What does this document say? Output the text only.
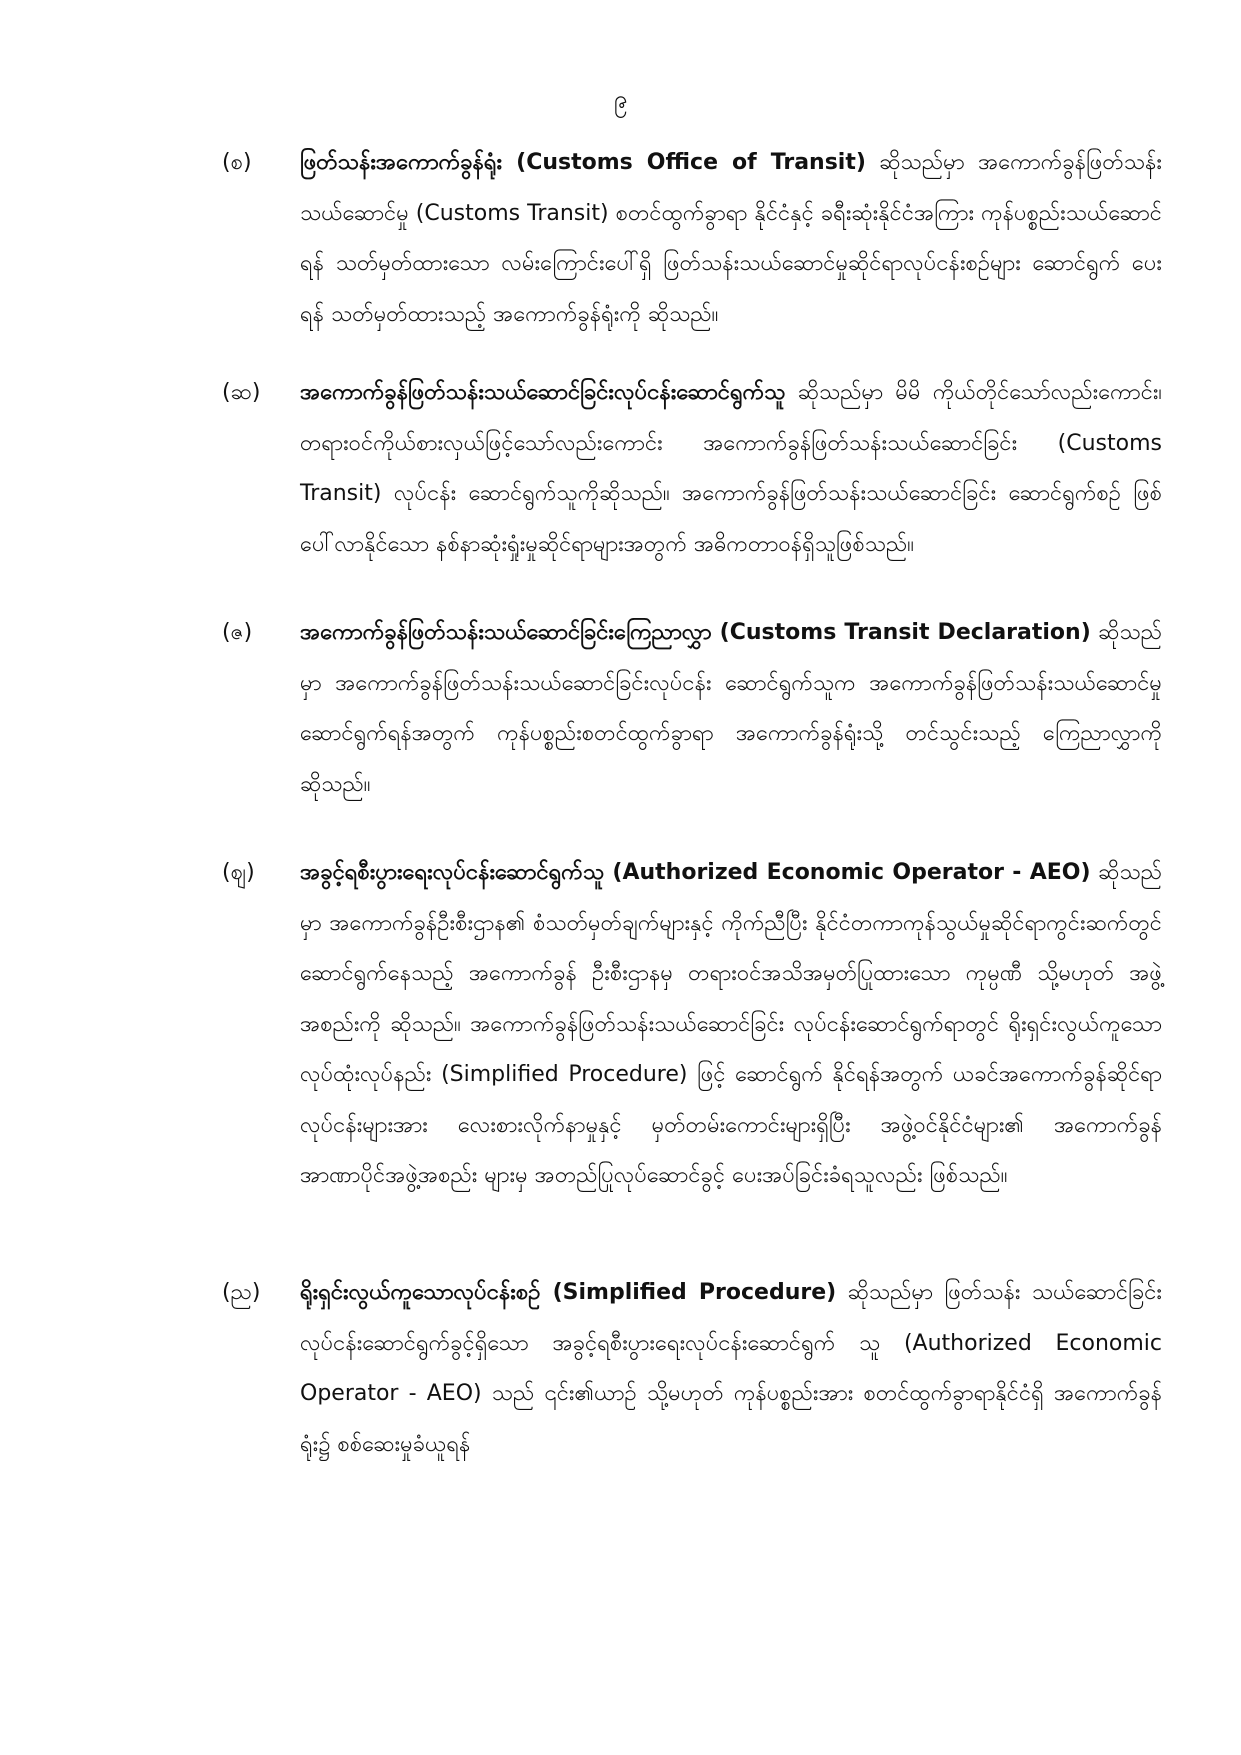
၉
(စ)	ဖြတ်သန်းအကောက်ခွန်ရုံး (Customs Office of Transit) ဆိုသည်မှာ အကောက်ခွန်ဖြတ်သန်းသယ်ဆောင်မှု (Customs Transit) စတင်ထွက်ခွာရာ နိုင်ငံနှင့် ခရီးဆုံးနိုင်ငံအကြား ကုန်ပစ္စည်းသယ်ဆောင်ရန် သတ်မှတ်ထားသော လမ်းကြောင်းပေါ်ရှိ ဖြတ်သန်းသယ်ဆောင်မှုဆိုင်ရာလုပ်ငန်းစဉ်များ ဆောင်ရွက် ပေးရန် သတ်မှတ်ထားသည့် အကောက်ခွန်ရုံးကို ဆိုသည်။
(ဆ)	အကောက်ခွန်ဖြတ်သန်းသယ်ဆောင်ခြင်းလုပ်ငန်းဆောင်ရွက်သူ ဆိုသည်မှာ မိမိ ကိုယ်တိုင်သော်လည်းကောင်း၊ တရားဝင်ကိုယ်စားလှယ်ဖြင့်သော်လည်းကောင်း အကောက်ခွန်ဖြတ်သန်းသယ်ဆောင်ခြင်း (Customs Transit) လုပ်ငန်း ဆောင်ရွက်သူကိုဆိုသည်။ အကောက်ခွန်ဖြတ်သန်းသယ်ဆောင်ခြင်း ဆောင်ရွက်စဉ် ဖြစ်ပေါ်လာနိုင်သော နစ်နာဆုံးရှုံးမှုဆိုင်ရာများအတွက် အဓိကတာဝန်ရှိသူဖြစ်သည်။
(ဇ)	အကောက်ခွန်ဖြတ်သန်းသယ်ဆောင်ခြင်းကြေညာလွှာ (Customs Transit Declaration) ဆိုသည်မှာ အကောက်ခွန်ဖြတ်သန်းသယ်ဆောင်ခြင်းလုပ်ငန်း ဆောင်ရွက်သူက အကောက်ခွန်ဖြတ်သန်းသယ်ဆောင်မှု ဆောင်ရွက်ရန်အတွက် ကုန်ပစ္စည်းစတင်ထွက်ခွာရာ အကောက်ခွန်ရုံးသို့ တင်သွင်းသည့် ကြေညာလွှာကို ဆိုသည်။
(ဈ)	အခွင့်ရစီးပွားရေးလုပ်ငန်းဆောင်ရွက်သူ (Authorized Economic Operator - AEO) ဆိုသည်မှာ အကောက်ခွန်ဦးစီးဌာန၏ စံသတ်မှတ်ချက်များနှင့် ကိုက်ညီပြီး နိုင်ငံတကာကုန်သွယ်မှုဆိုင်ရာကွင်းဆက်တွင် ဆောင်ရွက်နေသည့် အကောက်ခွန် ဦးစီးဌာနမှ တရားဝင်အသိအမှတ်ပြုထားသော ကုမ္ပဏီ သို့မဟုတ် အဖွဲ့အစည်းကို ဆိုသည်။ အကောက်ခွန်ဖြတ်သန်းသယ်ဆောင်ခြင်း လုပ်ငန်းဆောင်ရွက်ရာတွင် ရိုးရှင်းလွယ်ကူသောလုပ်ထုံးလုပ်နည်း (Simplified Procedure) ဖြင့် ဆောင်ရွက် နိုင်ရန်အတွက် ယခင်အကောက်ခွန်ဆိုင်ရာလုပ်ငန်းများအား လေးစားလိုက်နာမှုနှင့် မှတ်တမ်းကောင်းများရှိပြီး အဖွဲ့ဝင်နိုင်ငံများ၏ အကောက်ခွန်အာဏာပိုင်အဖွဲ့အစည်း များမှ အတည်ပြုလုပ်ဆောင်ခွင့် ပေးအပ်ခြင်းခံရသူလည်း ဖြစ်သည်။
(ည)	ရိုးရှင်းလွယ်ကူသောလုပ်ငန်းစဉ် (Simplified Procedure) ဆိုသည်မှာ ဖြတ်သန်း သယ်ဆောင်ခြင်းလုပ်ငန်းဆောင်ရွက်ခွင့်ရှိသော အခွင့်ရစီးပွားရေးလုပ်ငန်းဆောင်ရွက် သူ (Authorized Economic Operator - AEO) သည် ၎င်း၏ယာဉ် သို့မဟုတ် ကုန်ပစ္စည်းအား စတင်ထွက်ခွာရာနိုင်ငံရှိ အကောက်ခွန်ရုံး၌ စစ်ဆေးမှုခံယူရန်
